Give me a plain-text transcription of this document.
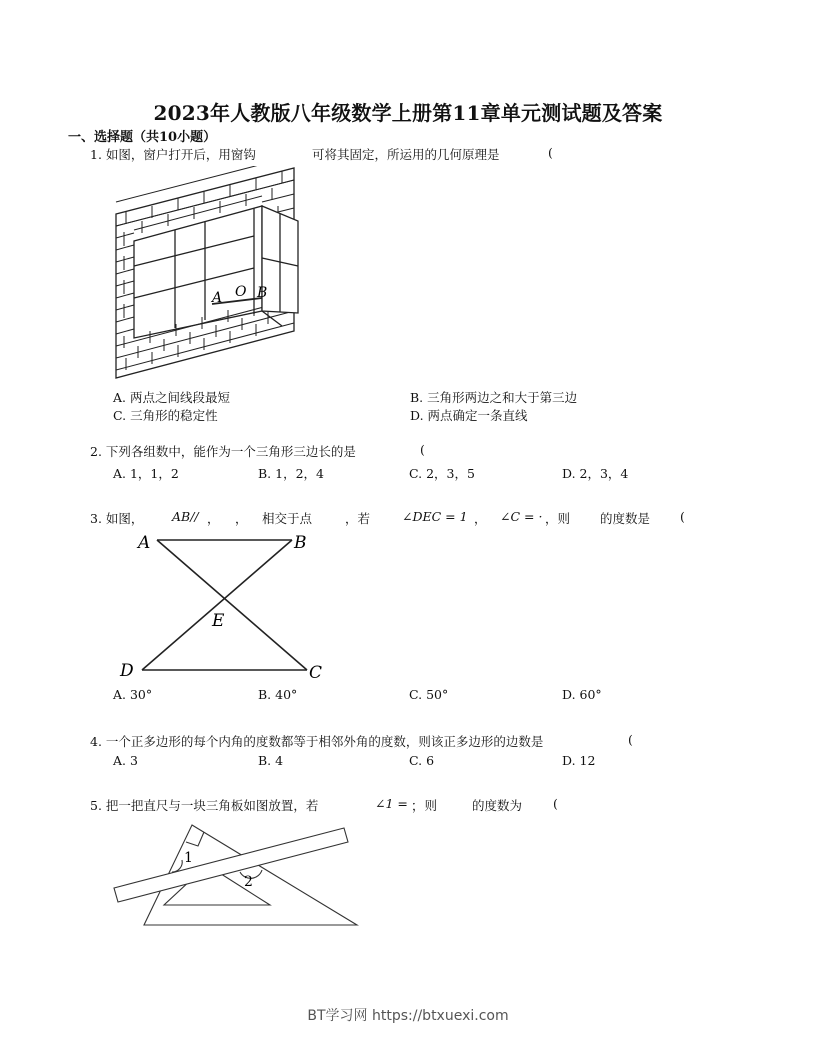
2023年人教版八年级数学上册第11章单元测试题及答案
一、选择题（共10小题）
1. 如图，窗户打开后，用窗钩	可将其固定，所运用的几何原理是	(
A O B
A. 两点之间线段最短	B. 三角形两边之和大于第三边
C. 三角形的稳定性	D. 两点确定一条直线
2. 下列各组数中，能作为一个三角形三边长的是	(
A. 1，1，2	B. 1，2，4	C. 2，3，5	D. 2，3，4
3. 如图， AB// ， ， 相交于点	，若	∠DEC = 1 ， ∠C = · ，则 的度数是 (
A	B
E
D	C
A. 30°	B. 40°	C. 50°	D. 60°
4. 一个正多边形的每个内角的度数都等于相邻外角的度数，则该正多边形的边数是	(
A. 3	B. 4	C. 6	D. 12
5. 把一把直尺与一块三角板如图放置，若	∠1 = ·
，则	的度数为 (
1
2
BT学习网 https://btxuexi.com
